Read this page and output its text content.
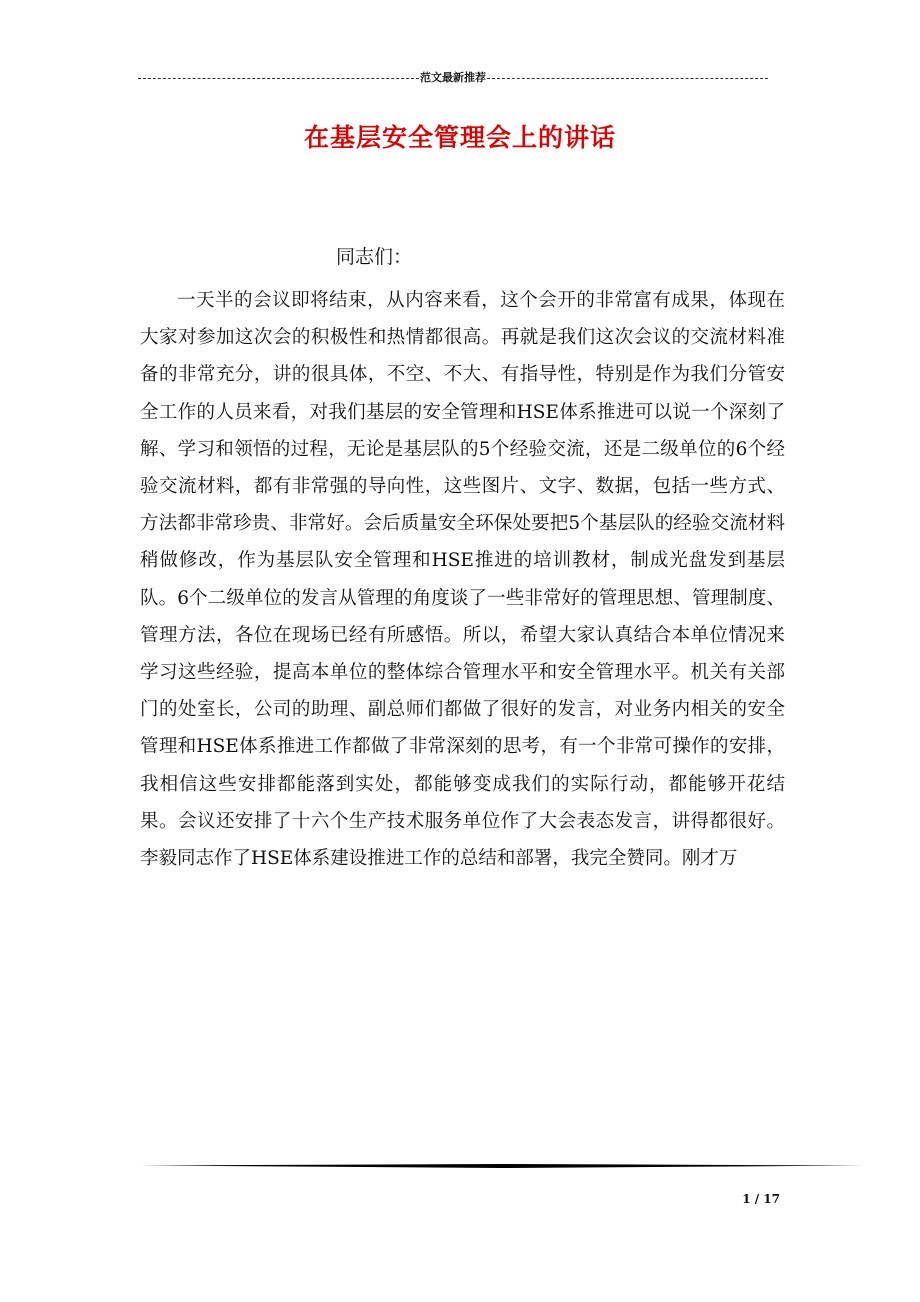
范文最新推荐
在基层安全管理会上的讲话
同志们：

一天半的会议即将结束，从内容来看，这个会开的非常富有成果，体现在大家对参加这次会的积极性和热情都很高。再就是我们这次会议的交流材料准备的非常充分，讲的很具体，不空、不大、有指导性，特别是作为我们分管安全工作的人员来看，对我们基层的安全管理和HSE体系推进可以说一个深刻了解、学习和领悟的过程，无论是基层队的5个经验交流，还是二级单位的6个经验交流材料，都有非常强的导向性，这些图片、文字、数据，包括一些方式、方法都非常珍贵、非常好。会后质量安全环保处要把5个基层队的经验交流材料稍做修改，作为基层队安全管理和HSE推进的培训教材，制成光盘发到基层队。6个二级单位的发言从管理的角度谈了一些非常好的管理思想、管理制度、管理方法，各位在现场已经有所感悟。所以，希望大家认真结合本单位情况来学习这些经验，提高本单位的整体综合管理水平和安全管理水平。机关有关部门的处室长，公司的助理、副总师们都做了很好的发言，对业务内相关的安全管理和HSE体系推进工作都做了非常深刻的思考，有一个非常可操作的安排，我相信这些安排都能落到实处，都能够变成我们的实际行动，都能够开花结果。会议还安排了十六个生产技术服务单位作了大会表态发言，讲得都很好。李毅同志作了HSE体系建设推进工作的总结和部署，我完全赞同。刚才万

1 / 17
